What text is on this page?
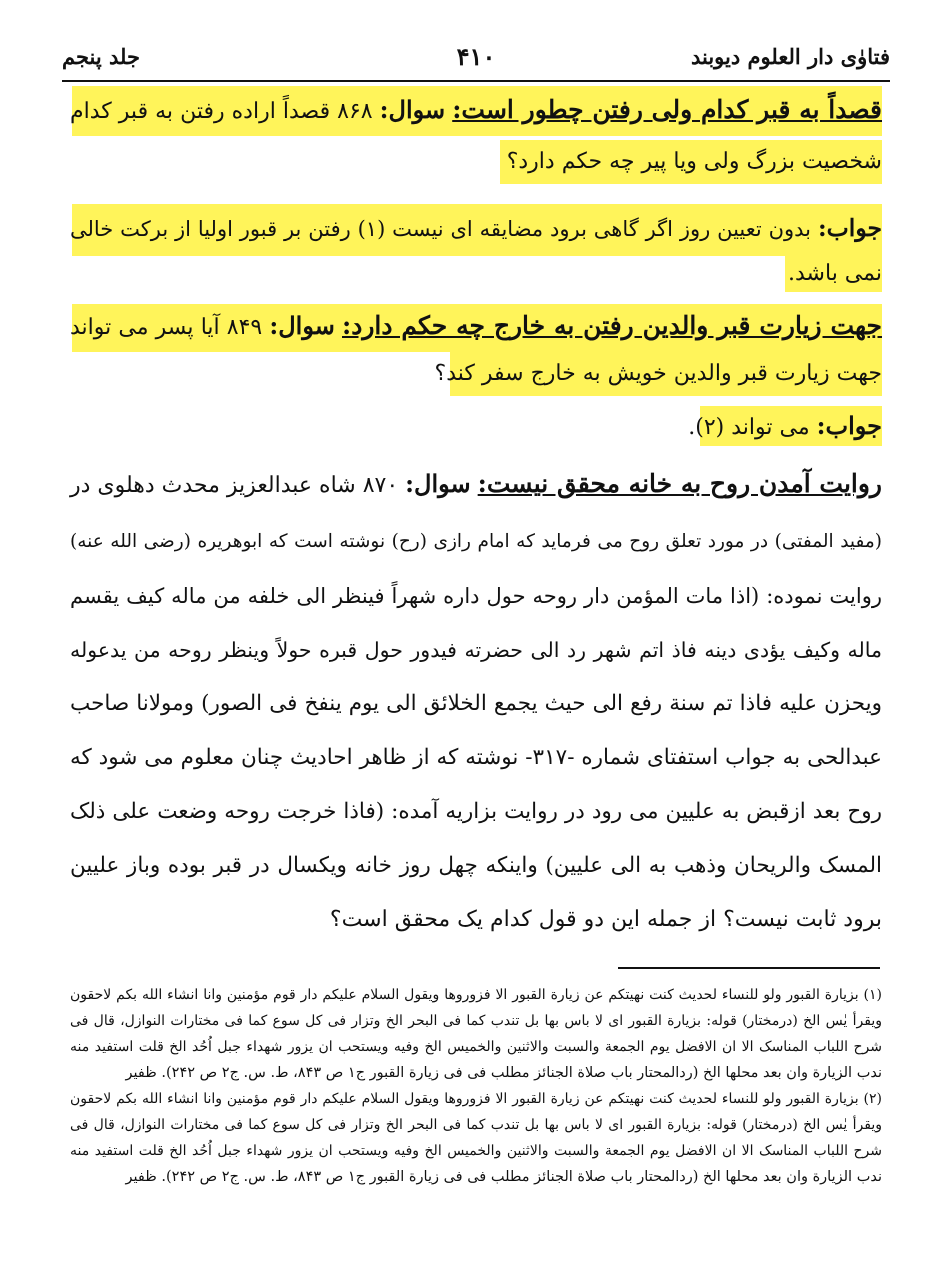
فتاوٰی دار العلوم دیوبند
۴۱۰
جلد پنجم
قصداً به قبر کدام ولی رفتن چطور است: سوال: ۸۶۸ قصداً اراده رفتن به قبر کدام
شخصیت بزرگ ولی ویا پیر چه حکم دارد؟
جواب: بدون تعیین روز اگر گاهی برود مضایقه ای نیست (۱) رفتن بر قبور اولیا از برکت خالی
نمی باشد.
جهت زیارت قبر والدین رفتن به خارج چه حکم دارد: سوال: ۸۴۹ آیا پسر می تواند
جهت زیارت قبر والدین خویش به خارج سفر کند؟
جواب: می تواند (۲).
روایت آمدن روح به خانه محقق نیست: سوال: ۸۷۰ شاه عبدالعزیز محدث دهلوی در
(مفید المفتی) در مورد تعلق روح می فرماید که امام رازی (رح) نوشته است که ابوهریره (رضی الله عنه)
روایت نموده: (اذا مات المؤمن دار روحه حول داره شهراً فینظر الی خلفه من ماله کیف یقسم
ماله وکیف یؤدی دینه فاذ اتم شهر رد الی حضرته فیدور حول قبره حولاً وینظر روحه من یدعوله
ویحزن علیه فاذا تم سنة رفع الی حیث یجمع الخلائق الی یوم ینفخ فی الصور) ومولانا صاحب
عبدالحی به جواب استفتای شماره -۳۱۷- نوشته که از ظاهر احادیث چنان معلوم می شود که
روح بعد ازقبض به علیین می رود در روایت بزاریه آمده: (فاذا خرجت روحه وضعت علی ذلک
المسک والریحان وذهب به الی علیین) واینکه چهل روز خانه ویکسال در قبر بوده وباز علیین
برود ثابت نیست؟ از جمله این دو قول کدام یک محقق است؟
(۱) بزیارة القبور ولو للنساء لحدیث کنت نهیتکم عن زیارة القبور الا فزوروها ویقول السلام علیکم دار قوم مؤمنین وانا انشاء الله بکم لاحقون
ویقرأ یٰس الخ (درمختار) قوله: بزیارة القبور ای لا باس بها بل تندب کما فی البحر الخ وتزار فی کل سوع کما فی مختارات النوازل، قال فی
شرح اللباب المناسک الا ان الافضل یوم الجمعة والسبت والاثنین والخمیس الخ وفیه ویستحب ان یزور شهداء جبل اُحُد الخ قلت استفید منه
ندب الزیارة وان بعد محلها الخ (ردالمحتار باب صلاة الجنائز مطلب فی فی زیارة القبور ج۱ ص ۸۴۳، ط. س. ج۲ ص ۲۴۲). ظفیر
(۲) بزیارة القبور ولو للنساء لحدیث کنت نهیتکم عن زیارة القبور الا فزوروها ویقول السلام علیکم دار قوم مؤمنین وانا انشاء الله بکم لاحقون
ویقرأ یٰس الخ (درمختار) قوله: بزیارة القبور ای لا باس بها بل تندب کما فی البحر الخ وتزار فی کل سوع کما فی مختارات النوازل، قال فی
شرح اللباب المناسک الا ان الافضل یوم الجمعة والسبت والاثنین والخمیس الخ وفیه ویستحب ان یزور شهداء جبل اُحُد الخ قلت استفید منه
ندب الزیارة وان بعد محلها الخ (ردالمحتار باب صلاة الجنائز مطلب فی فی زیارة القبور ج۱ ص ۸۴۳، ط. س. ج۲ ص ۲۴۲). ظفیر
